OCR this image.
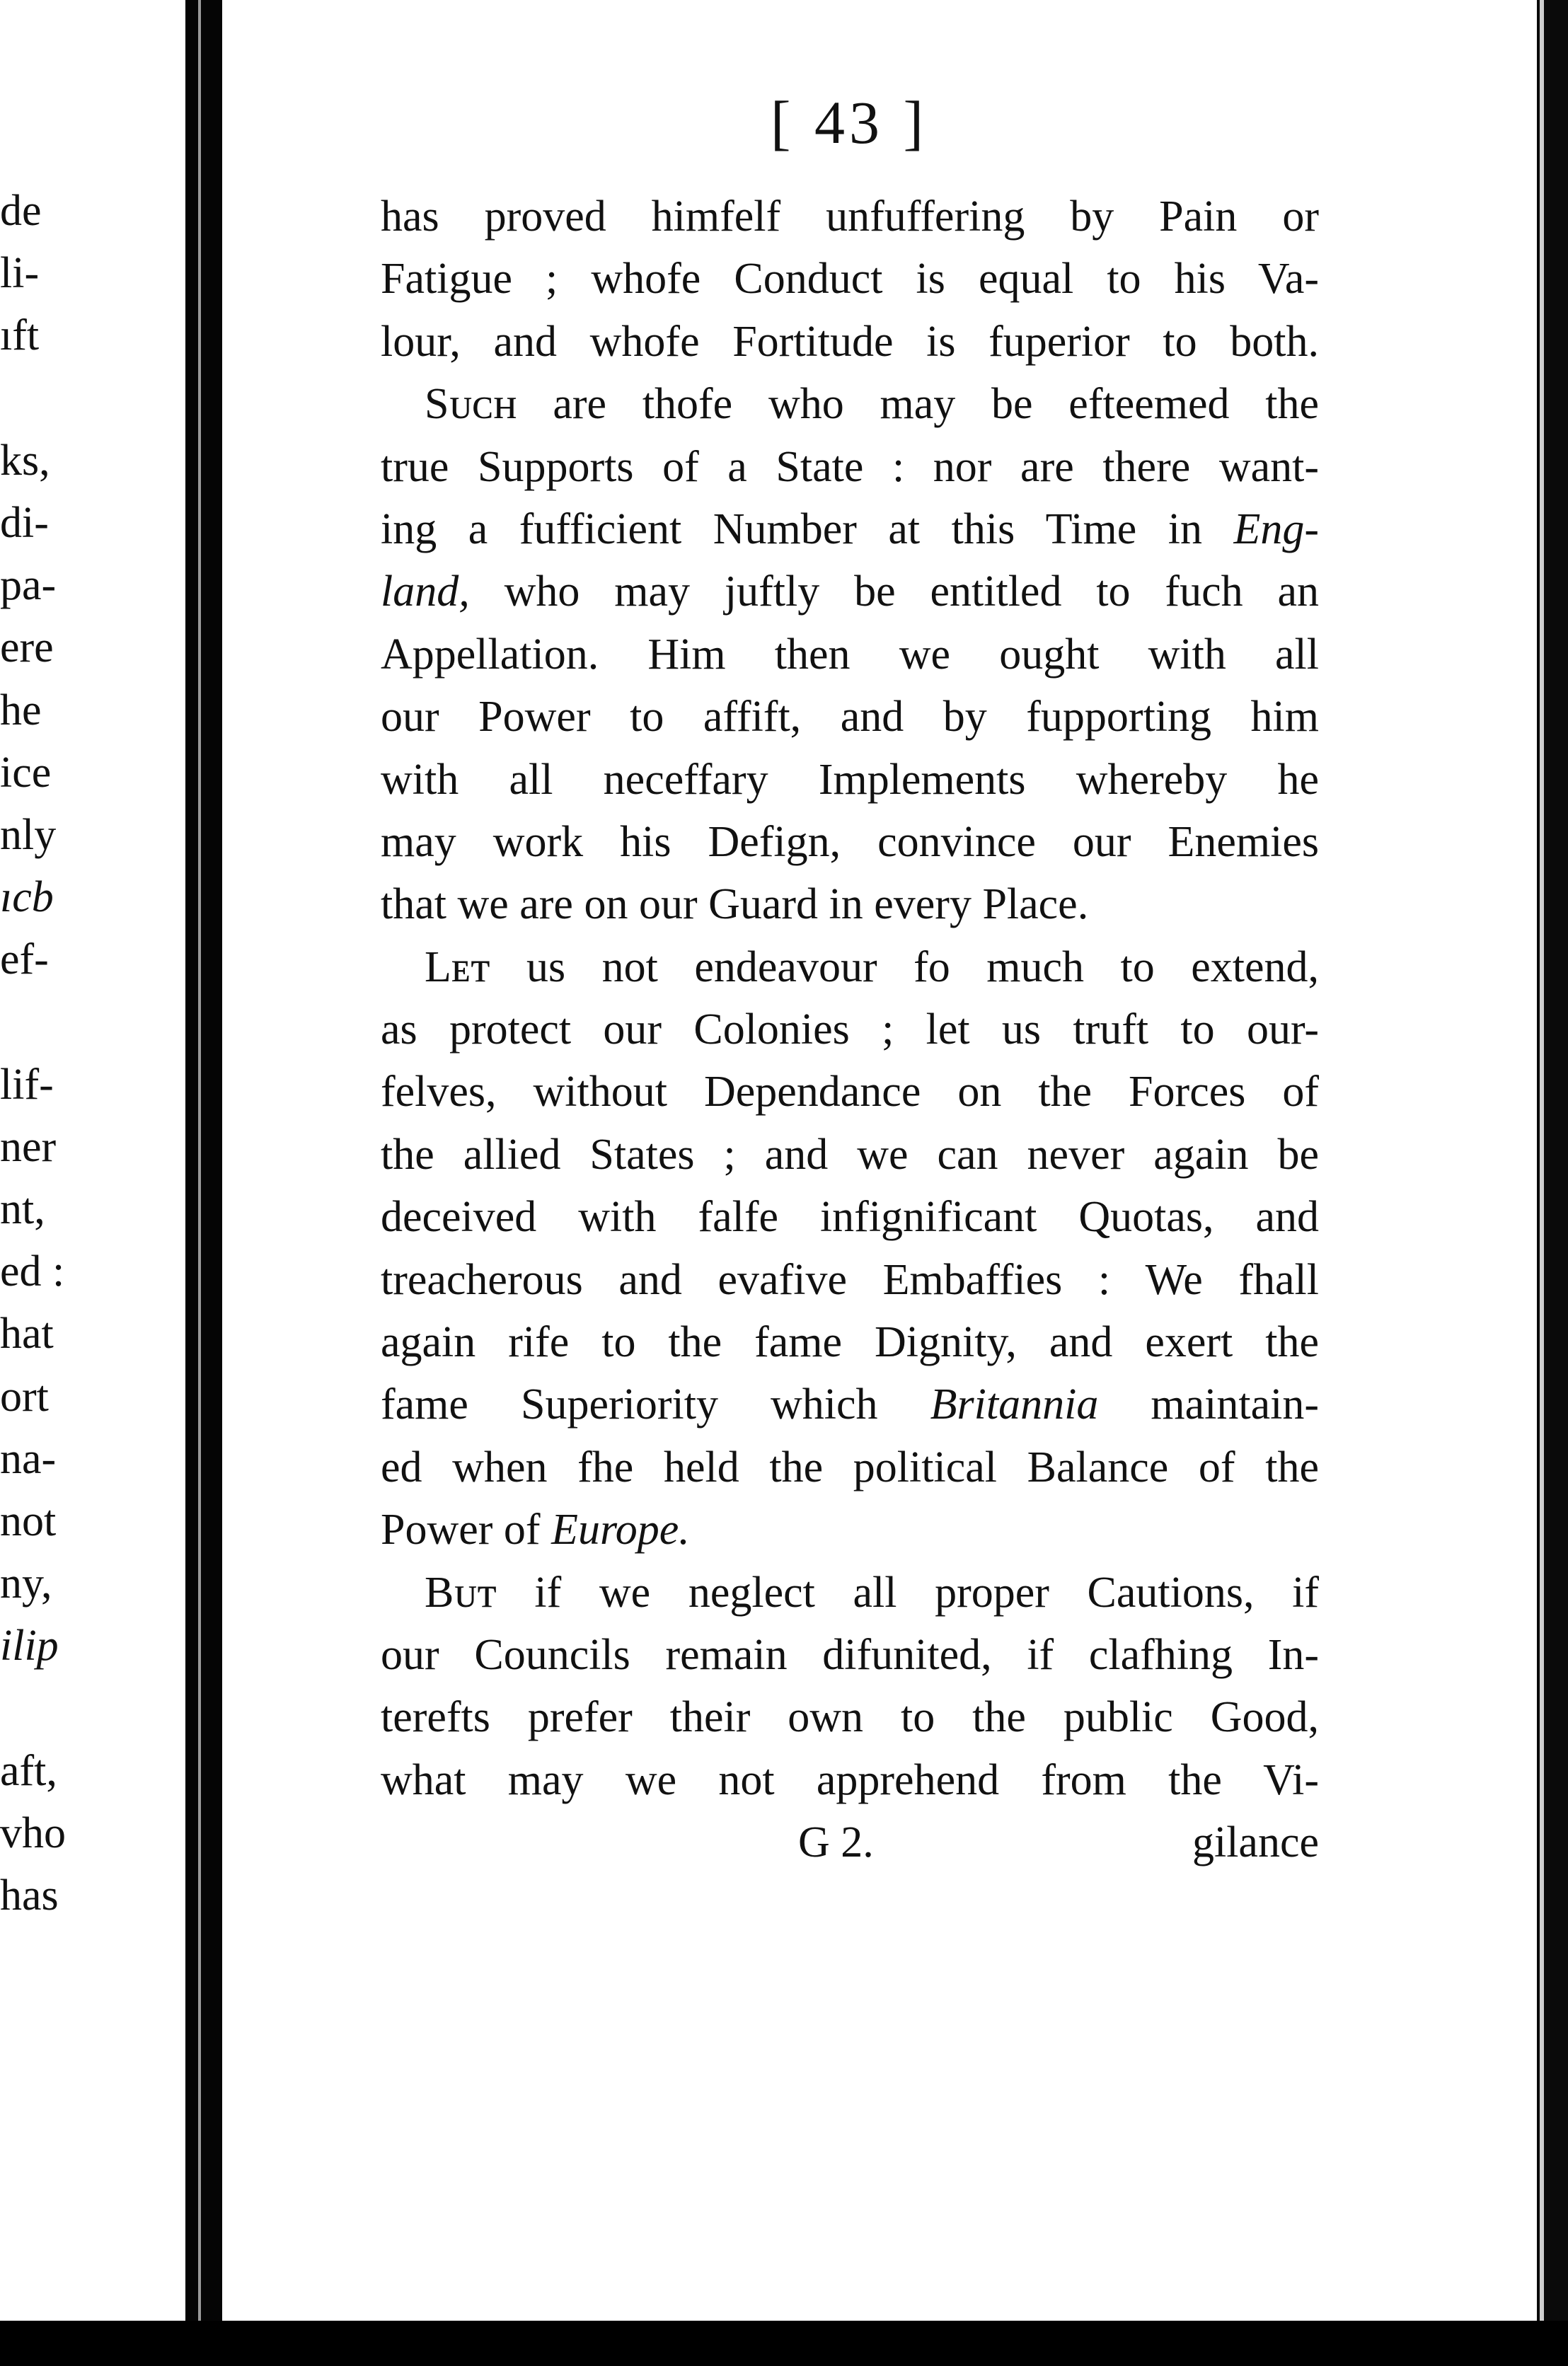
de
li-
ıft
ks,
di-
pa-
ere
he
ice
nly
ıcb
ef-
lif-
ner
nt,
ed :
hat
ort
na-
not
ny,
ilip
aft,
vho
has
[ 43 ]
has proved himfelf unfuffering by Pain or
Fatigue ; whofe Conduct is equal to his Va-
lour, and whofe Fortitude is fuperior to both.
Sᴜᴄʜ are thofe who may be efteemed the
true Supports of a State : nor are there want-
ing a fufficient Number at this Time in Eng-
land, who may juftly be entitled to fuch an
Appellation. Him then we ought with all
our Power to affift, and by fupporting him
with all neceffary Implements whereby he
may work his Defign, convince our Enemies
that we are on our Guard in every Place.
Lᴇᴛ us not endeavour fo much to extend,
as protect our Colonies ; let us truft to our-
felves, without Dependance on the Forces of
the allied States ; and we can never again be
deceived with falfe infignificant Quotas, and
treacherous and evafive Embaffies : We fhall
again rife to the fame Dignity, and exert the
fame Superiority which Britannia maintain-
ed when fhe held the political Balance of the
Power of Europe.
Bᴜᴛ if we neglect all proper Cautions, if
our Councils remain difunited, if clafhing In-
terefts prefer their own to the public Good,
what may we not apprehend from the Vi-
G 2.	gilance
